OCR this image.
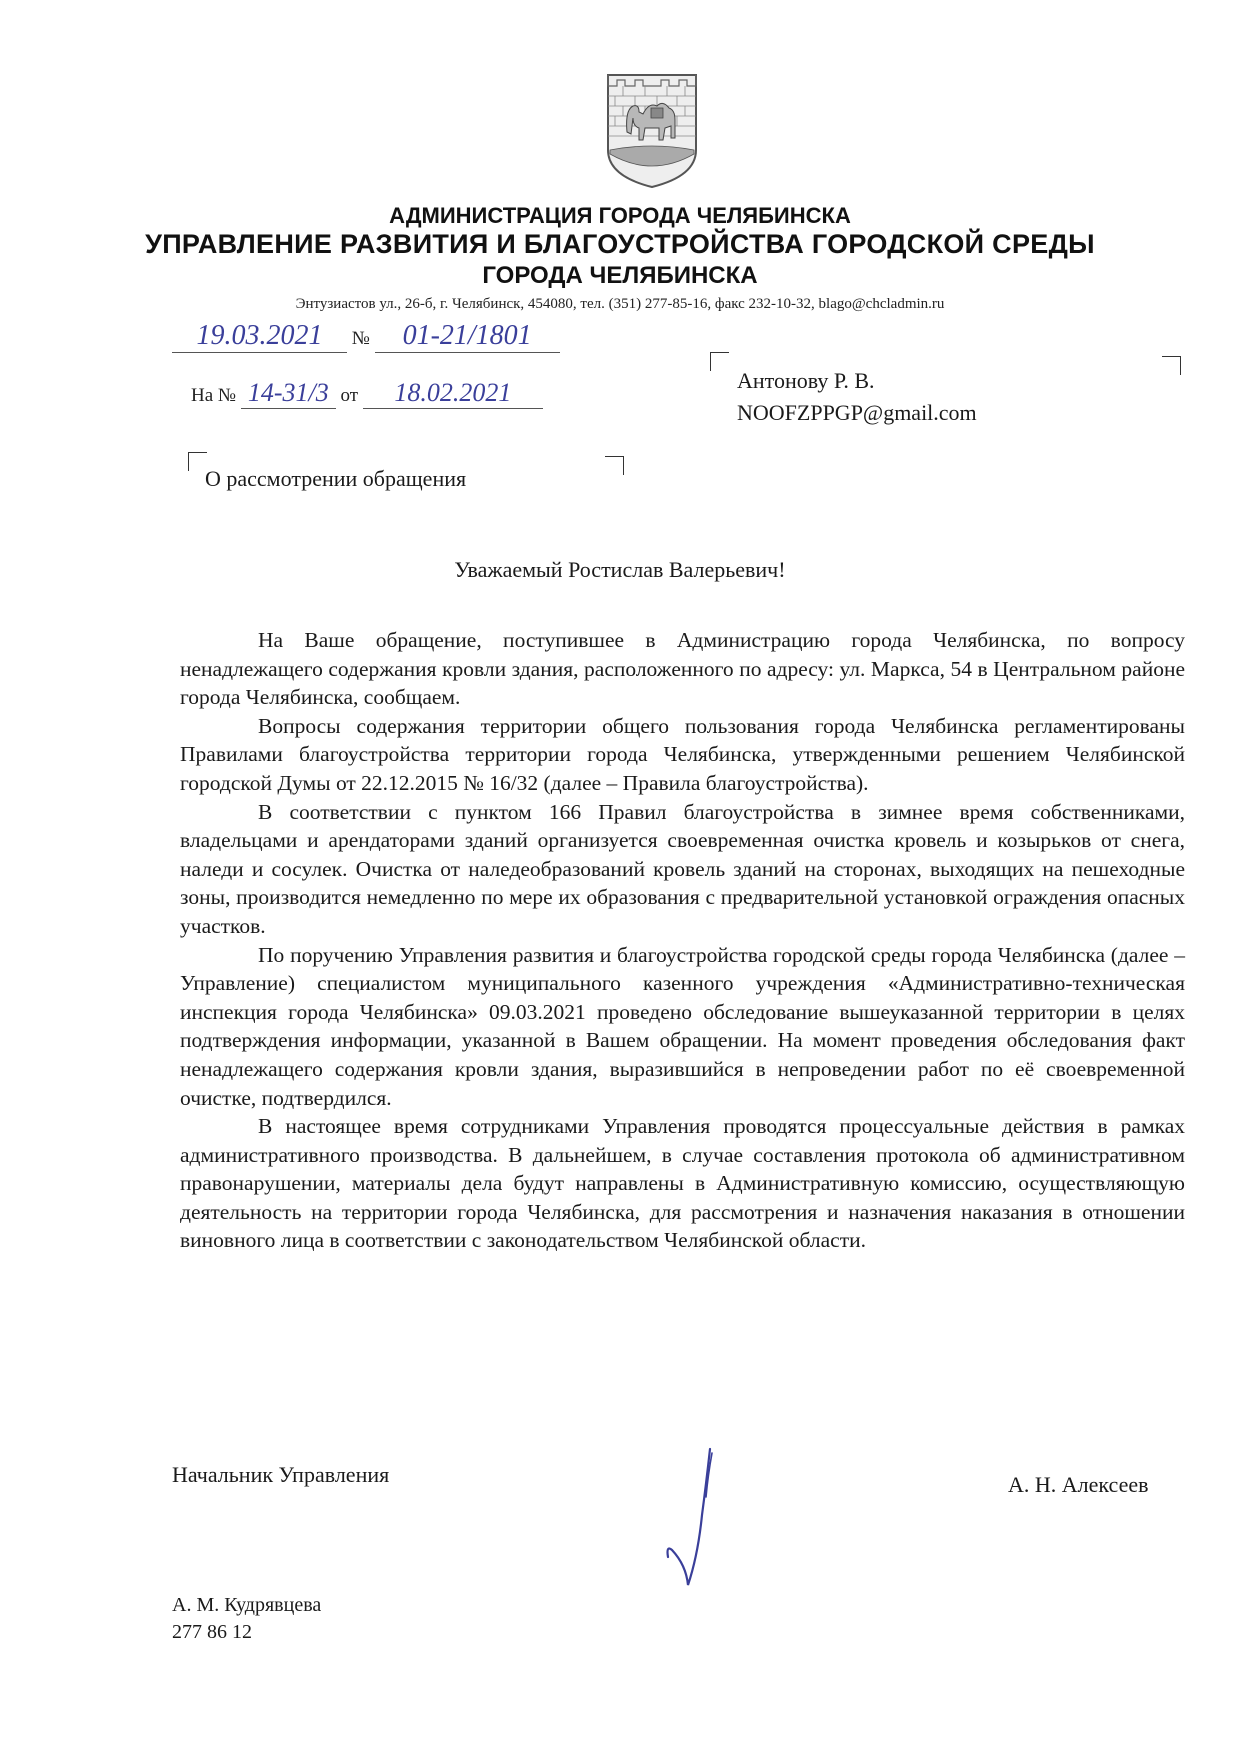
АДМИНИСТРАЦИЯ ГОРОДА ЧЕЛЯБИНСКА
УПРАВЛЕНИЕ РАЗВИТИЯ И БЛАГОУСТРОЙСТВА ГОРОДСКОЙ СРЕДЫ
ГОРОДА ЧЕЛЯБИНСКА
Энтузиастов ул., 26-б, г. Челябинск, 454080, тел. (351) 277-85-16, факс 232-10-32, blago@chcladmin.ru
19.03.2021 № 01-21/1801
На № 14-31/3 от 18.02.2021	Антонову Р. В.
NOOFZPPGP@gmail.com
О рассмотрении обращения
Уважаемый Ростислав Валерьевич!

На Ваше обращение, поступившее в Администрацию города Челябинска, по вопросу ненадлежащего содержания кровли здания, расположенного по адресу: ул. Маркса, 54 в Центральном районе города Челябинска, сообщаем.

Вопросы содержания территории общего пользования города Челябинска регламентированы Правилами благоустройства территории города Челябинска, утвержденными решением Челябинской городской Думы от 22.12.2015 № 16/32 (далее – Правила благоустройства).

В соответствии с пунктом 166 Правил благоустройства в зимнее время собственниками, владельцами и арендаторами зданий организуется своевременная очистка кровель и козырьков от снега, наледи и сосулек. Очистка от наледеобразований кровель зданий на сторонах, выходящих на пешеходные зоны, производится немедленно по мере их образования с предварительной установкой ограждения опасных участков.

По поручению Управления развития и благоустройства городской среды города Челябинска (далее – Управление) специалистом муниципального казенного учреждения «Административно-техническая инспекция города Челябинска» 09.03.2021 проведено обследование вышеуказанной территории в целях подтверждения информации, указанной в Вашем обращении. На момент проведения обследования факт ненадлежащего содержания кровли здания, выразившийся в непроведении работ по её своевременной очистке, подтвердился.

В настоящее время сотрудниками Управления проводятся процессуальные действия в рамках административного производства. В дальнейшем, в случае составления протокола об административном правонарушении, материалы дела будут направлены в Административную комиссию, осуществляющую деятельность на территории города Челябинска, для рассмотрения и назначения наказания в отношении виновного лица в соответствии с законодательством Челябинской области.

Начальник Управления	А. Н. Алексеев
А. М. Кудрявцева
277 86 12
